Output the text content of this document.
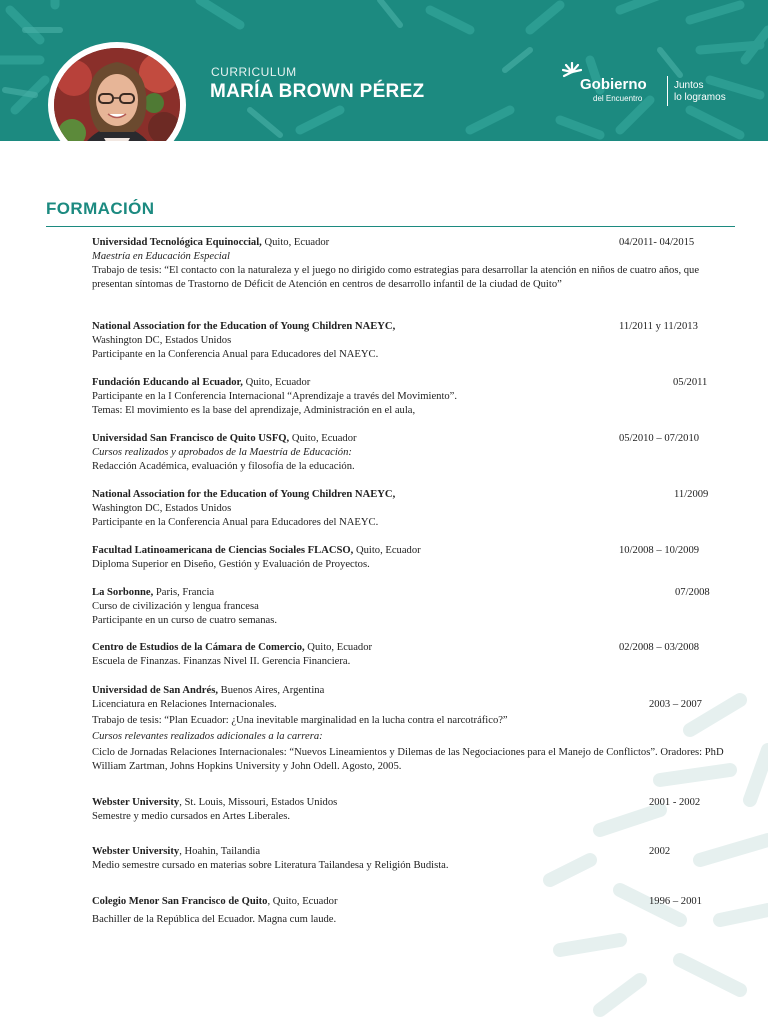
CURRICULUM
MARÍA BROWN PÉREZ	Gobierno
del Encuentro
Juntos
lo logramos
FORMACIÓN

Universidad Tecnológica Equinoccial, Quito, Ecuador

Maestría en Educación Especial

Trabajo de tesis: “El contacto con la naturaleza y el juego no dirigido como estrategias para desarrollar la atención en niños de cuatro años, que presentan síntomas de Trastorno de Déficit de Atención en centros de desarrollo infantil de la ciudad de Quito”

04/2011- 04/2015

National Association for the Education of Young Children NAEYC,

Washington DC, Estados Unidos

Participante en la Conferencia Anual para Educadores del NAEYC.

11/2011 y 11/2013

Fundación Educando al Ecuador, Quito, Ecuador

Participante en la I Conferencia Internacional “Aprendizaje a través del Movimiento”.

Temas: El movimiento es la base del aprendizaje, Administración en el aula,

05/2011

Universidad San Francisco de Quito USFQ, Quito, Ecuador

Cursos realizados y aprobados de la Maestría de Educación:

Redacción Académica, evaluación y filosofía de la educación.

05/2010 – 07/2010

National Association for the Education of Young Children NAEYC,

Washington DC, Estados Unidos

Participante en la Conferencia Anual para Educadores del NAEYC.

11/2009

Facultad Latinoamericana de Ciencias Sociales FLACSO, Quito, Ecuador

Diploma Superior en Diseño, Gestión y Evaluación de Proyectos.

10/2008 – 10/2009

La Sorbonne, Paris, Francia

Curso de civilización y lengua francesa

Participante en un curso de cuatro semanas.

07/2008

Centro de Estudios de la Cámara de Comercio, Quito, Ecuador

Escuela de Finanzas. Finanzas Nivel II. Gerencia Financiera.

02/2008 – 03/2008

Universidad de San Andrés, Buenos Aires, Argentina

Licenciatura en Relaciones Internacionales.

Trabajo de tesis: “Plan Ecuador: ¿Una inevitable marginalidad en la lucha contra el narcotráfico?”

Cursos relevantes realizados adicionales a la carrera:

Ciclo de Jornadas Relaciones Internacionales: “Nuevos Lineamientos y Dilemas de las Negociaciones para el Manejo de Conflictos”. Oradores: PhD William Zartman, Johns Hopkins University y John Odell. Agosto, 2005.

2003 – 2007

Webster University, St. Louis, Missouri, Estados Unidos

Semestre y medio cursados en Artes Liberales.

2001 - 2002

Webster University, Hoahin, Tailandia

Medio semestre cursado en materias sobre Literatura Tailandesa y Religión Budista.

2002

Colegio Menor San Francisco de Quito, Quito, Ecuador

Bachiller de la República del Ecuador. Magna cum laude.

1996 – 2001
